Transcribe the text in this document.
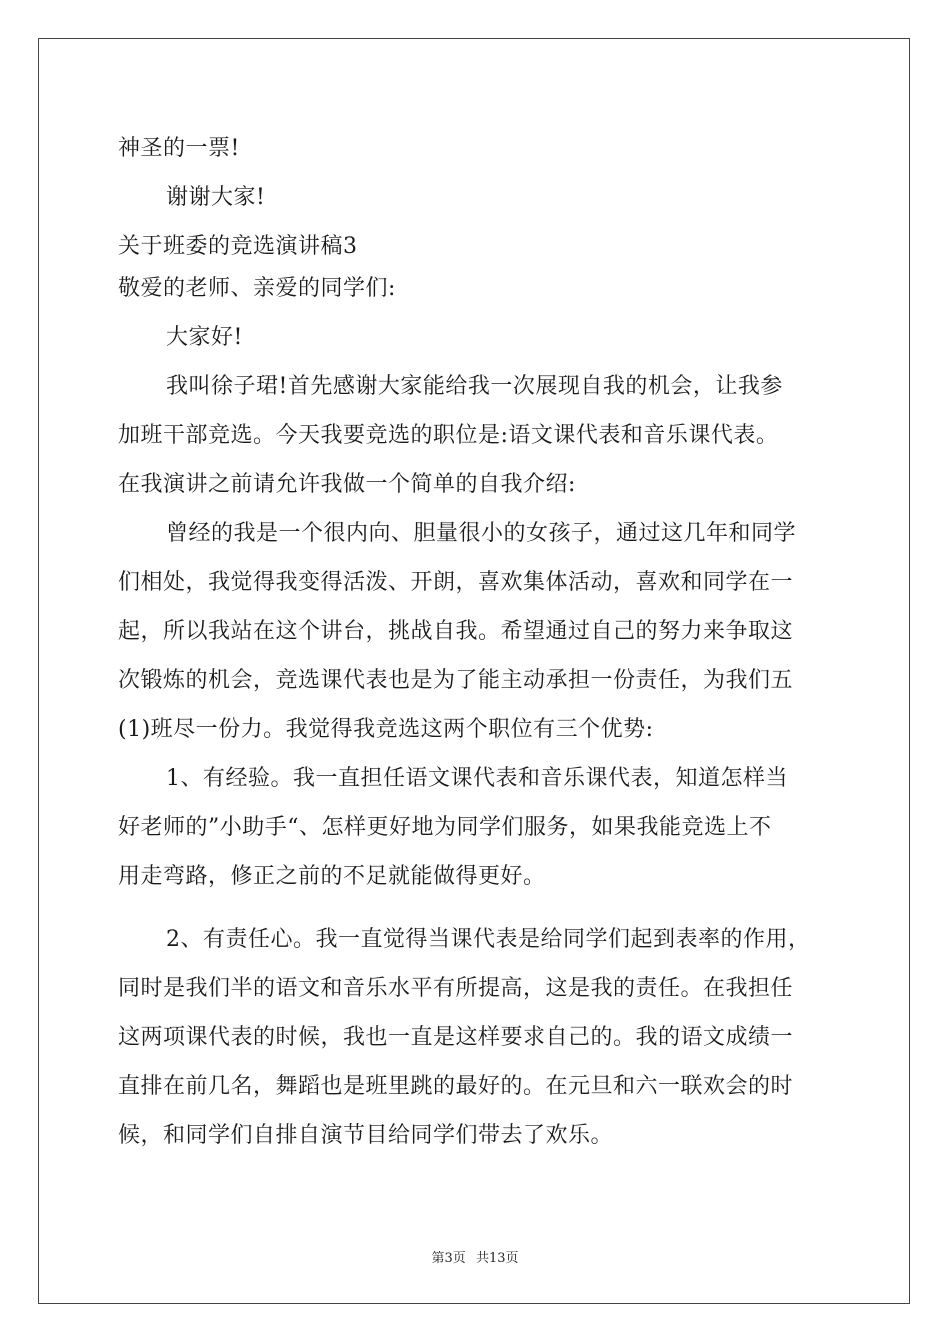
神圣的一票!
谢谢大家!
关于班委的竞选演讲稿3
敬爱的老师、亲爱的同学们:
大家好!
我叫徐子珺!首先感谢大家能给我一次展现自我的机会，让我参
加班干部竞选。今天我要竞选的职位是:语文课代表和音乐课代表。
在我演讲之前请允许我做一个简单的自我介绍:
曾经的我是一个很内向、胆量很小的女孩子，通过这几年和同学
们相处，我觉得我变得活泼、开朗，喜欢集体活动，喜欢和同学在一
起，所以我站在这个讲台，挑战自我。希望通过自己的努力来争取这
次锻炼的机会，竞选课代表也是为了能主动承担一份责任，为我们五
(1)班尽一份力。我觉得我竞选这两个职位有三个优势:
1、有经验。我一直担任语文课代表和音乐课代表，知道怎样当
好老师的”小助手“、怎样更好地为同学们服务，如果我能竞选上不
用走弯路，修正之前的不足就能做得更好。
2、有责任心。我一直觉得当课代表是给同学们起到表率的作用，
同时是我们半的语文和音乐水平有所提高，这是我的责任。在我担任
这两项课代表的时候，我也一直是这样要求自己的。我的语文成绩一
直排在前几名，舞蹈也是班里跳的最好的。在元旦和六一联欢会的时
候，和同学们自排自演节目给同学们带去了欢乐。
第3页 共13页
